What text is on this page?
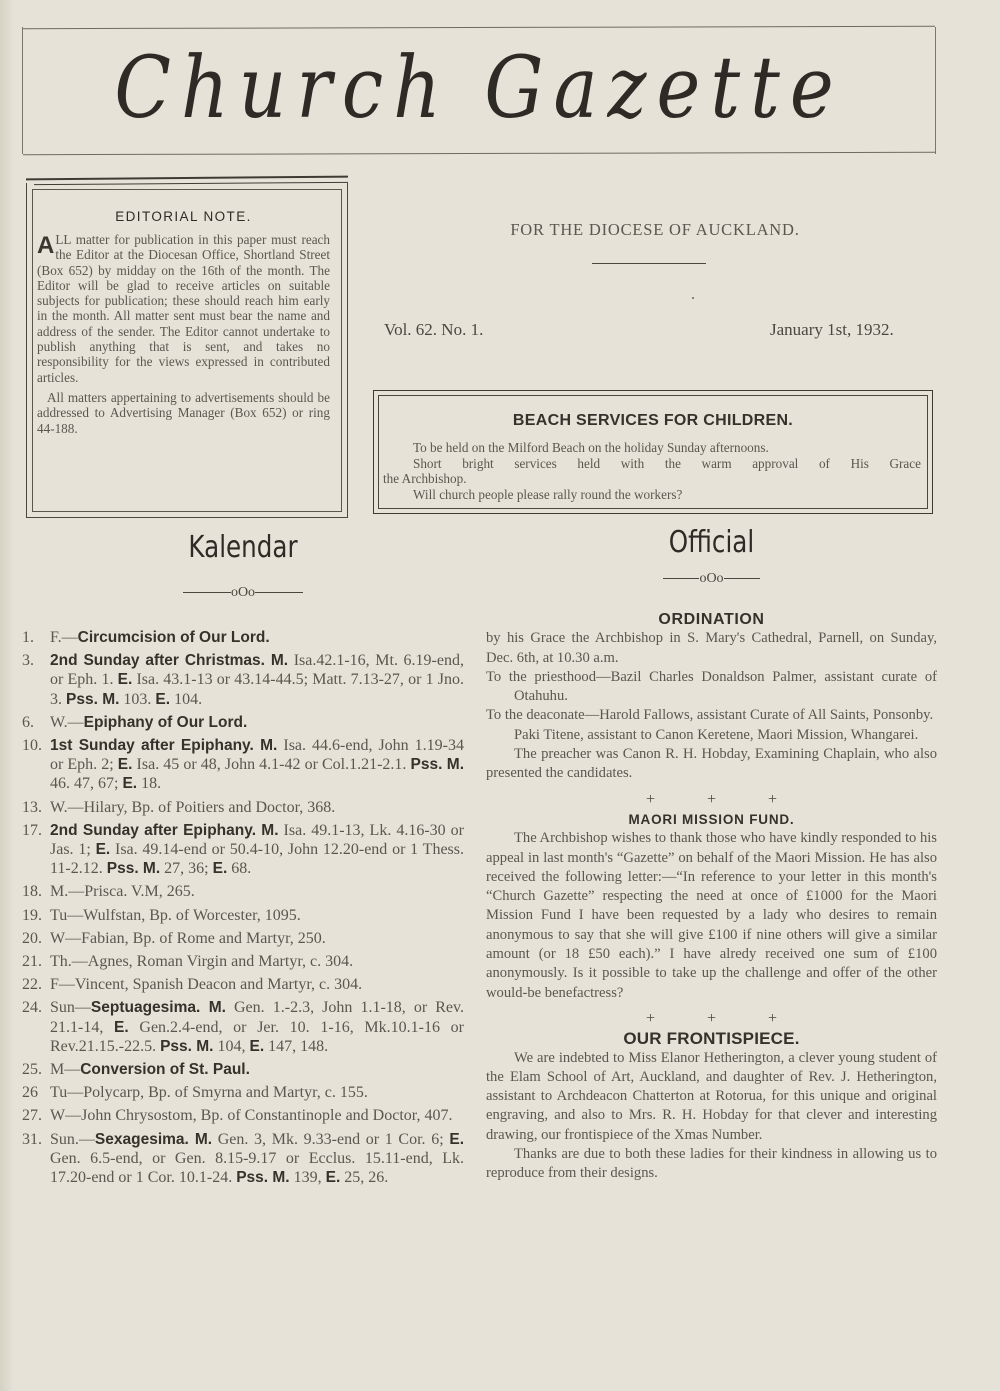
Church Gazette
EDITORIAL NOTE.

ALL matter for publication in this paper must reach the Editor at the Diocesan Office, Shortland Street (Box 652) by midday on the 16th of the month. The Editor will be glad to receive articles on suitable subjects for publication; these should reach him early in the month. All matter sent must bear the name and address of the sender. The Editor cannot undertake to publish anything that is sent, and takes no responsibility for the views expressed in contributed articles.

All matters appertaining to advertisements should be addressed to Advertising Manager (Box 652) or ring 44-188.

FOR THE DIOCESE OF AUCKLAND.
Vol. 62. No. 1.	January 1st, 1932.
BEACH SERVICES FOR CHILDREN.

To be held on the Milford Beach on the holiday Sunday afternoons.

Short bright services held with the warm approval of His Grace

the Archbishop.

Will church people please rally round the workers?

Kalendar
oOo
1. F.—Circumcision of Our Lord.
3. 2nd Sunday after Christmas. M. Isa.42.1-16, Mt. 6.19-end, or Eph. 1. E. Isa. 43.1-13 or 43.14-44.5; Matt. 7.13-27, or 1 Jno. 3. Pss. M. 103. E. 104.
6. W.—Epiphany of Our Lord.
10. 1st Sunday after Epiphany. M. Isa. 44.6-end, John 1.19-34 or Eph. 2; E. Isa. 45 or 48, John 4.1-42 or Col.1.21-2.1. Pss. M. 46. 47, 67; E. 18.
13. W.—Hilary, Bp. of Poitiers and Doctor, 368.
17. 2nd Sunday after Epiphany. M. Isa. 49.1-13, Lk. 4.16-30 or Jas. 1; E. Isa. 49.14-end or 50.4-10, John 12.20-end or 1 Thess. 11-2.12. Pss. M. 27, 36; E. 68.
18. M.—Prisca. V.M, 265.
19. Tu—Wulfstan, Bp. of Worcester, 1095.
20. W—Fabian, Bp. of Rome and Martyr, 250.
21. Th.—Agnes, Roman Virgin and Martyr, c. 304.
22. F—Vincent, Spanish Deacon and Martyr, c. 304.
24. Sun—Septuagesima. M. Gen. 1.-2.3, John 1.1-18, or Rev. 21.1-14, E. Gen.2.4-end, or Jer. 10. 1-16, Mk.10.1-16 or Rev.21.15.-22.5. Pss. M. 104, E. 147, 148.
25. M—Conversion of St. Paul.
26 Tu—Polycarp, Bp. of Smyrna and Martyr, c. 155.
27. W—John Chrysostom, Bp. of Constantinople and Doctor, 407.
31. Sun.—Sexagesima. M. Gen. 3, Mk. 9.33-end or 1 Cor. 6; E. Gen. 6.5-end, or Gen. 8.15-9.17 or Ecclus. 15.11-end, Lk. 17.20-end or 1 Cor. 10.1-24. Pss. M. 139, E. 25, 26.
Official
oOo
ORDINATION

by his Grace the Archbishop in S. Mary's Cathedral, Parnell, on Sunday, Dec. 6th, at 10.30 a.m.

To the priesthood—Bazil Charles Donaldson Palmer, assistant curate of Otahuhu.

To the deaconate—Harold Fallows, assistant Curate of All Saints, Ponsonby.

Paki Titene, assistant to Canon Keretene, Maori Mission, Whangarei.

The preacher was Canon R. H. Hobday, Examining Chaplain, who also presented the candidates.

+ + +
MAORI MISSION FUND.

The Archbishop wishes to thank those who have kindly responded to his appeal in last month's “Gazette” on behalf of the Maori Mission. He has also received the following letter:—“In reference to your letter in this month's “Church Gazette” respecting the need at once of £1000 for the Maori Mission Fund I have been requested by a lady who desires to remain anonymous to say that she will give £100 if nine others will give a similar amount (or 18 £50 each).” I have alredy received one sum of £100 anonymously. Is it possible to take up the challenge and offer of the other would-be benefactress?

+ + +
OUR FRONTISPIECE.

We are indebted to Miss Elanor Hetherington, a clever young student of the Elam School of Art, Auckland, and daughter of Rev. J. Hetherington, assistant to Archdeacon Chatterton at Rotorua, for this unique and original engraving, and also to Mrs. R. H. Hobday for that clever and interesting drawing, our frontispiece of the Xmas Number.

Thanks are due to both these ladies for their kindness in allowing us to reproduce from their designs.
